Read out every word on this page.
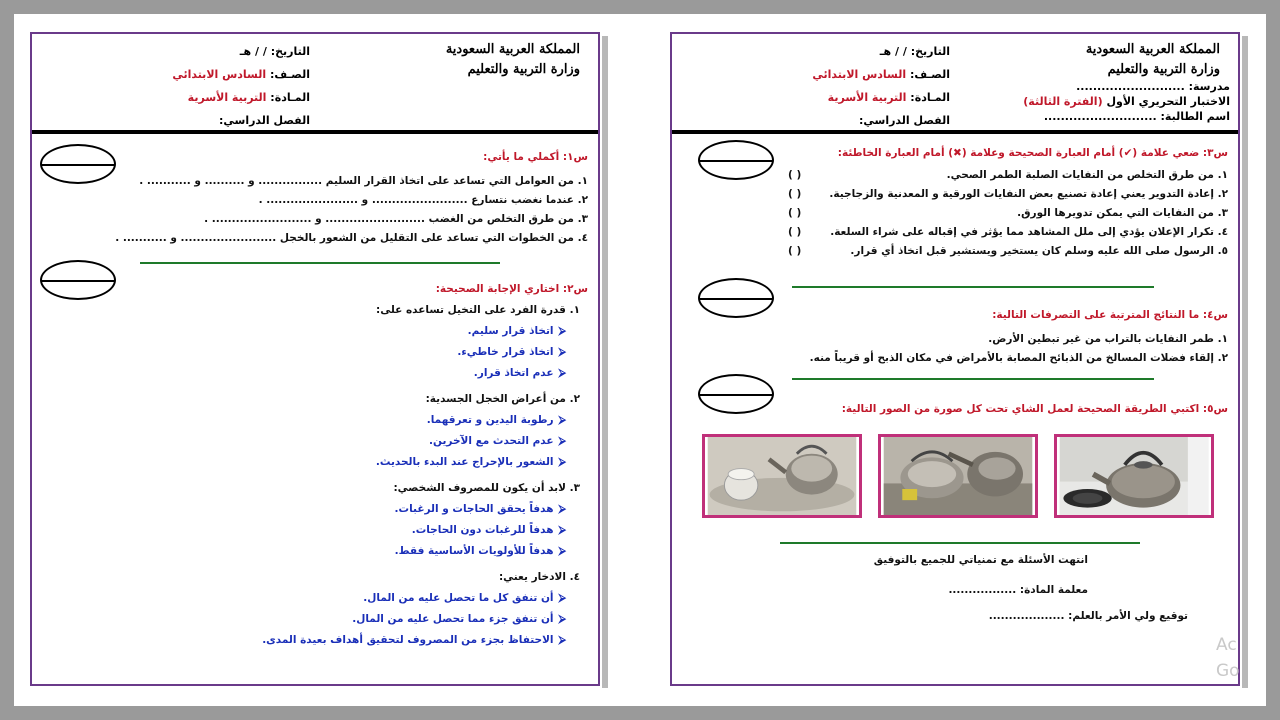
المملكة العربية السعودية
وزارة التربية والتعليم
التاريخ: / / هـ
الصـف: السادس الابتدائي
المـادة: التربية الأسرية
الفصل الدراسي:
س١: أكملي ما يأتي:
١. من العوامل التي تساعد على اتخاذ القرار السليم ................ و .......... و ........... .
٢. عندما نغضب نتسارع ........................ و ....................... .
٣. من طرق التخلص من الغضب ......................... و ......................... .
٤. من الخطوات التي تساعد على التقليل من الشعور بالخجل ........................ و ........... .
س٢: اختاري الإجابة الصحيحة:
١. قدرة الفرد على التخيل تساعده على:
⮚اتخاذ قرار سليم.
⮚اتخاذ قرار خاطيء.
⮚عدم اتخاذ قرار.
٢. من أعراض الخجل الجسدية:
⮚رطوبة اليدين و تعرقهما.
⮚عدم التحدث مع الآخرين.
⮚الشعور بالإحراج عند البدء بالحديث.
٣. لابد أن يكون للمصروف الشخصي:
⮚هدفاً يحقق الحاجات و الرغبات.
⮚هدفاً للرغبات دون الحاجات.
⮚هدفاً للأولويات الأساسية فقط.
٤. الادخار يعني:
⮚أن تنفق كل ما تحصل عليه من المال.
⮚أن تنفق جزء مما تحصل عليه من المال.
⮚الاحتفاظ بجزء من المصروف لتحقيق أهداف بعيدة المدى.
المملكة العربية السعودية
وزارة التربية والتعليم
مدرسة: ..........................
الاختبار التحريري الأول (الفترة الثالثة)
اسم الطالبة: ...........................
التاريخ: / / هـ
الصـف: السادس الابتدائي
المـادة: التربية الأسرية
الفصل الدراسي:
س٣: ضعي علامة (✔) أمام العبارة الصحيحة وعلامة (✖) أمام العبارة الخاطئة:
١. من طرق التخلص من النفايات الصلبة الطمر الصحي.
( )
٢. إعادة التدوير يعني إعادة تصنيع بعض النفايات الورقية و المعدنية والزجاجية.
( )
٣. من النفايات التي يمكن تدويرها الورق.
( )
٤. تكرار الإعلان يؤدي إلى ملل المشاهد مما يؤثر في إقباله على شراء السلعة.
( )
٥. الرسول صلى الله عليه وسلم كان يستخير ويستشير قبل اتخاذ أي قرار.
( )
س٤: ما النتائج المترتبة على التصرفات التالية:
١. طمر النفايات بالتراب من غير تبطين الأرض.
٢. إلقاء فضلات المسالخ من الذبائح المصابة بالأمراض في مكان الذبح أو قريباً منه.
س٥: اكتبي الطريقة الصحيحة لعمل الشاي تحت كل صورة من الصور التالية:
انتهت الأسئلة مع تمنياتي للجميع بالتوفيق
معلمة المادة: .................
توقيع ولي الأمر بالعلم: ...................
Ac
Go
